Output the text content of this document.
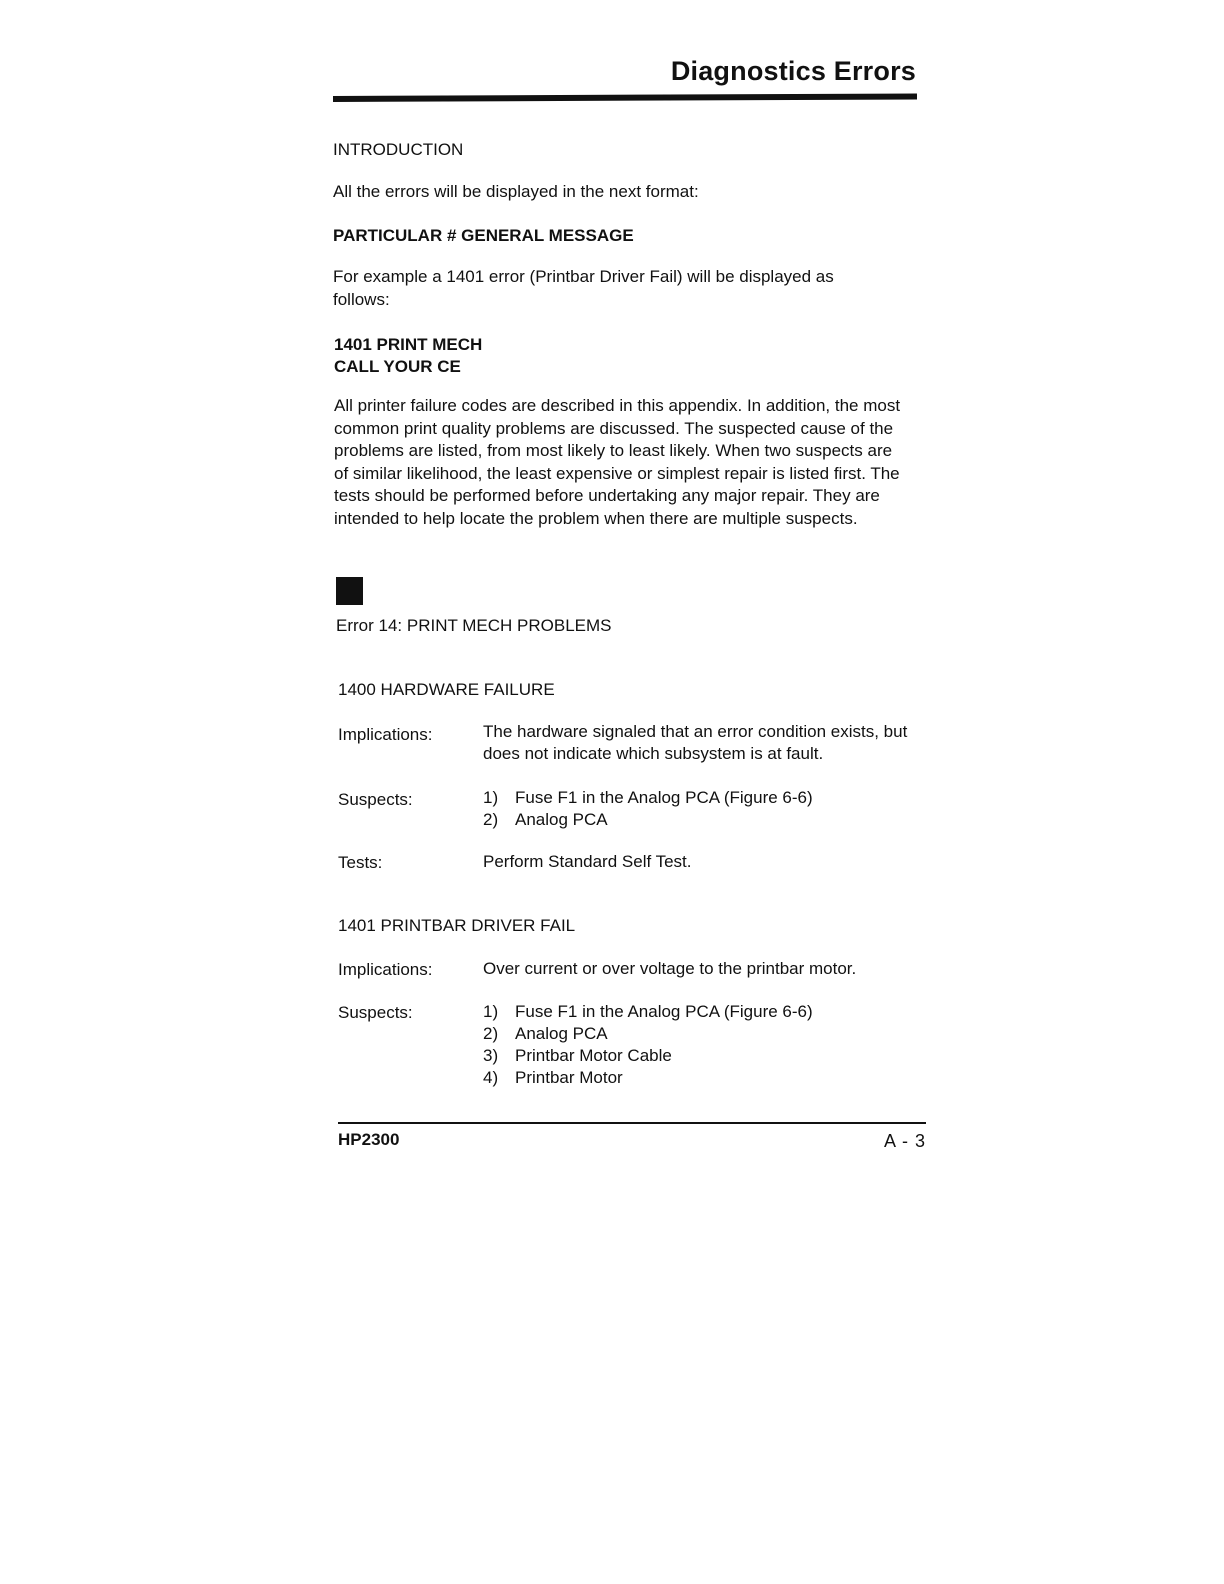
Diagnostics Errors
INTRODUCTION
All the errors will be displayed in the next format:
PARTICULAR # GENERAL MESSAGE
For example a 1401 error (Printbar Driver Fail) will be displayed as follows:
1401 PRINT MECH
CALL YOUR CE
All printer failure codes are described in this appendix. In addition, the most common print quality problems are discussed. The suspected cause of the problems are listed, from most likely to least likely. When two suspects are of similar likelihood, the least expensive or simplest repair is listed first. The tests should be performed before undertaking any major repair. They are intended to help locate the problem when there are multiple suspects.
Error 14: PRINT MECH PROBLEMS
1400 HARDWARE FAILURE
Implications:	The hardware signaled that an error condition exists, but does not indicate which subsystem is at fault.
Suspects:	1) Fuse F1 in the Analog PCA (Figure 6-6)
2) Analog PCA
Tests:	Perform Standard Self Test.
1401 PRINTBAR DRIVER FAIL
Implications:	Over current or over voltage to the printbar motor.
Suspects:	1) Fuse F1 in the Analog PCA (Figure 6-6)
2) Analog PCA
3) Printbar Motor Cable
4) Printbar Motor
HP2300	A - 3
